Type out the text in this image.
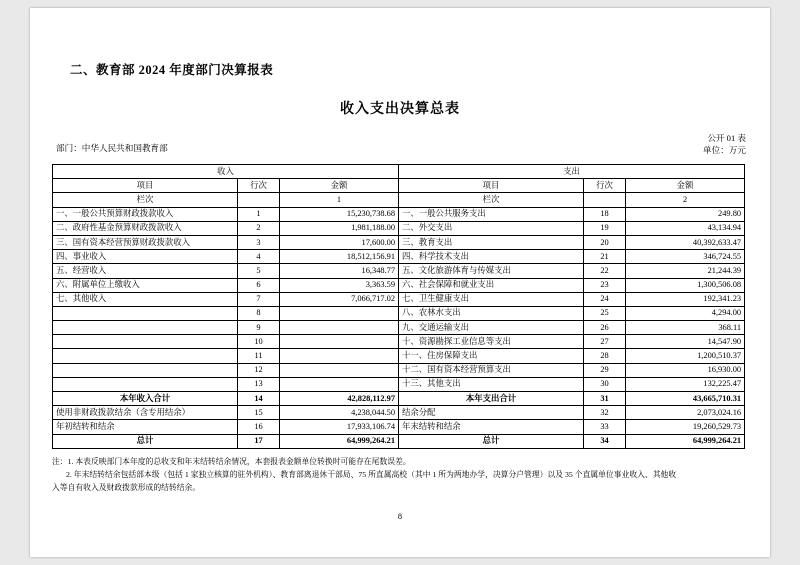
二、教育部 2024 年度部门决算报表
收入支出决算总表
部门：中华人民共和国教育部
公开 01 表
单位：万元
收入			支出		
项目	行次	金额	项目	行次	金额
栏次		1	栏次		2
一、一般公共预算财政拨款收入	1	15,230,738.68	一、一般公共服务支出	18	249.80
二、政府性基金预算财政拨款收入	2	1,981,188.00	二、外交支出	19	43,134.94
三、国有资本经营预算财政拨款收入	3	17,600.00	三、教育支出	20	40,392,633.47
四、事业收入	4	18,512,156.91	四、科学技术支出	21	346,724.55
五、经营收入	5	16,348.77	五、文化旅游体育与传媒支出	22	21,244.39
六、附属单位上缴收入	6	3,363.59	六、社会保障和就业支出	23	1,300,506.08
七、其他收入	7	7,066,717.02	七、卫生健康支出	24	192,341.23
	8		八、农林水支出	25	4,294.00
	9		九、交通运输支出	26	368.11
	10		十、资源勘探工业信息等支出	27	14,547.90
	11		十一、住房保障支出	28	1,200,510.37
	12		十二、国有资本经营预算支出	29	16,930.00
	13		十三、其他支出	30	132,225.47
本年收入合计	14	42,828,112.97	本年支出合计	31	43,665,710.31
使用非财政拨款结余（含专用结余）	15	4,238,044.50	结余分配	32	2,073,024.16
年初结转和结余	16	17,933,106.74	年末结转和结余	33	19,260,529.73
总计	17	64,999,264.21	总计	34	64,999,264.21

注：1. 本表反映部门本年度的总收支和年末结转结余情况，本套报表金额单位转换时可能存在尾数误差。

2. 年末结转结余包括部本级（包括 1 家独立核算的驻外机构）、教育部离退休干部局、75 所直属高校（其中 1 所为两地办学，决算分户管理）以及 35 个直属单位事业收入、其他收

入等自有收入及财政拨款形成的结转结余。

8
